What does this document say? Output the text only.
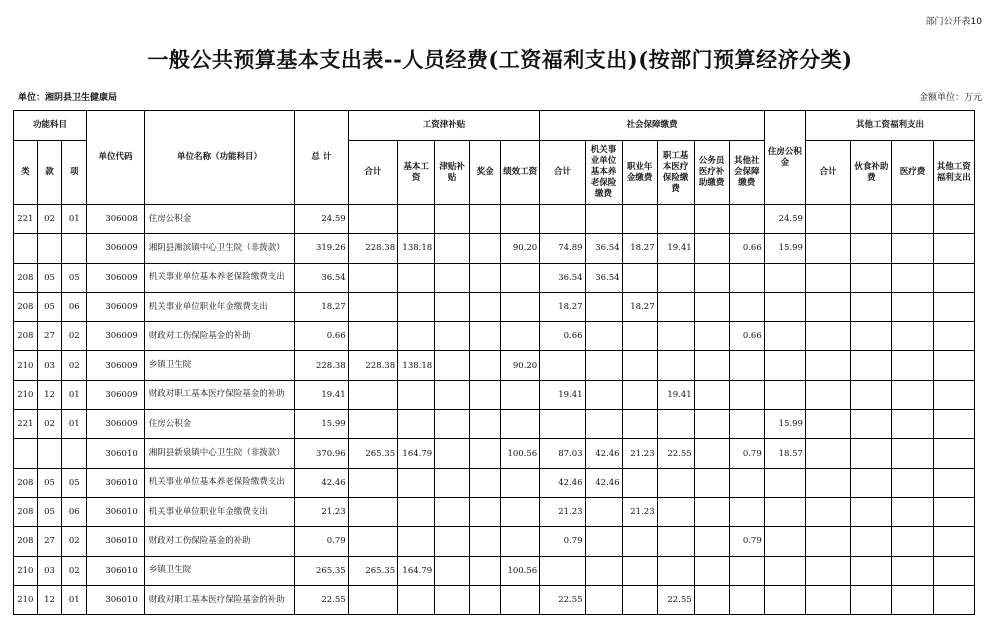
部门公开表10
一般公共预算基本支出表--人员经费(工资福利支出)(按部门预算经济分类)
单位：湘阴县卫生健康局	金额单位：万元
功能科目			单位代码	单位名称（功能科目）	总 计	工资津补贴					社会保障缴费						住房公积金	其他工资福利支出			
类	款	项				合计	基本工资	津贴补贴	奖金	绩效工资	合计	机关事业单位基本养老保险缴费	职业年金缴费	职工基本医疗保险缴费	公务员医疗补助缴费	其他社会保障缴费		合计	伙食补助费	医疗费	其他工资福利支出
221	02	01	306008	住房公积金	24.59												24.59				
			306009	湘阴县湘滨镇中心卫生院（非拨款）	319.26	228.38	138.18			90.20	74.89	36.54	18.27	19.41		0.66	15.99				
208	05	05	306009	机关事业单位基本养老保险缴费支出	36.54						36.54	36.54									
208	05	06	306009	机关事业单位职业年金缴费支出	18.27						18.27		18.27								
208	27	02	306009	财政对工伤保险基金的补助	0.66						0.66					0.66					
210	03	02	306009	乡镇卫生院	228.38	228.38	138.18			90.20											
210	12	01	306009	财政对职工基本医疗保险基金的补助	19.41						19.41			19.41							
221	02	01	306009	住房公积金	15.99												15.99				
			306010	湘阴县新泉镇中心卫生院（非拨款）	370.96	265.35	164.79			100.56	87.03	42.46	21.23	22.55		0.79	18.57				
208	05	05	306010	机关事业单位基本养老保险缴费支出	42.46						42.46	42.46									
208	05	06	306010	机关事业单位职业年金缴费支出	21.23						21.23		21.23								
208	27	02	306010	财政对工伤保险基金的补助	0.79						0.79					0.79					
210	03	02	306010	乡镇卫生院	265.35	265.35	164.79			100.56											
210	12	01	306010	财政对职工基本医疗保险基金的补助	22.55						22.55			22.55							
